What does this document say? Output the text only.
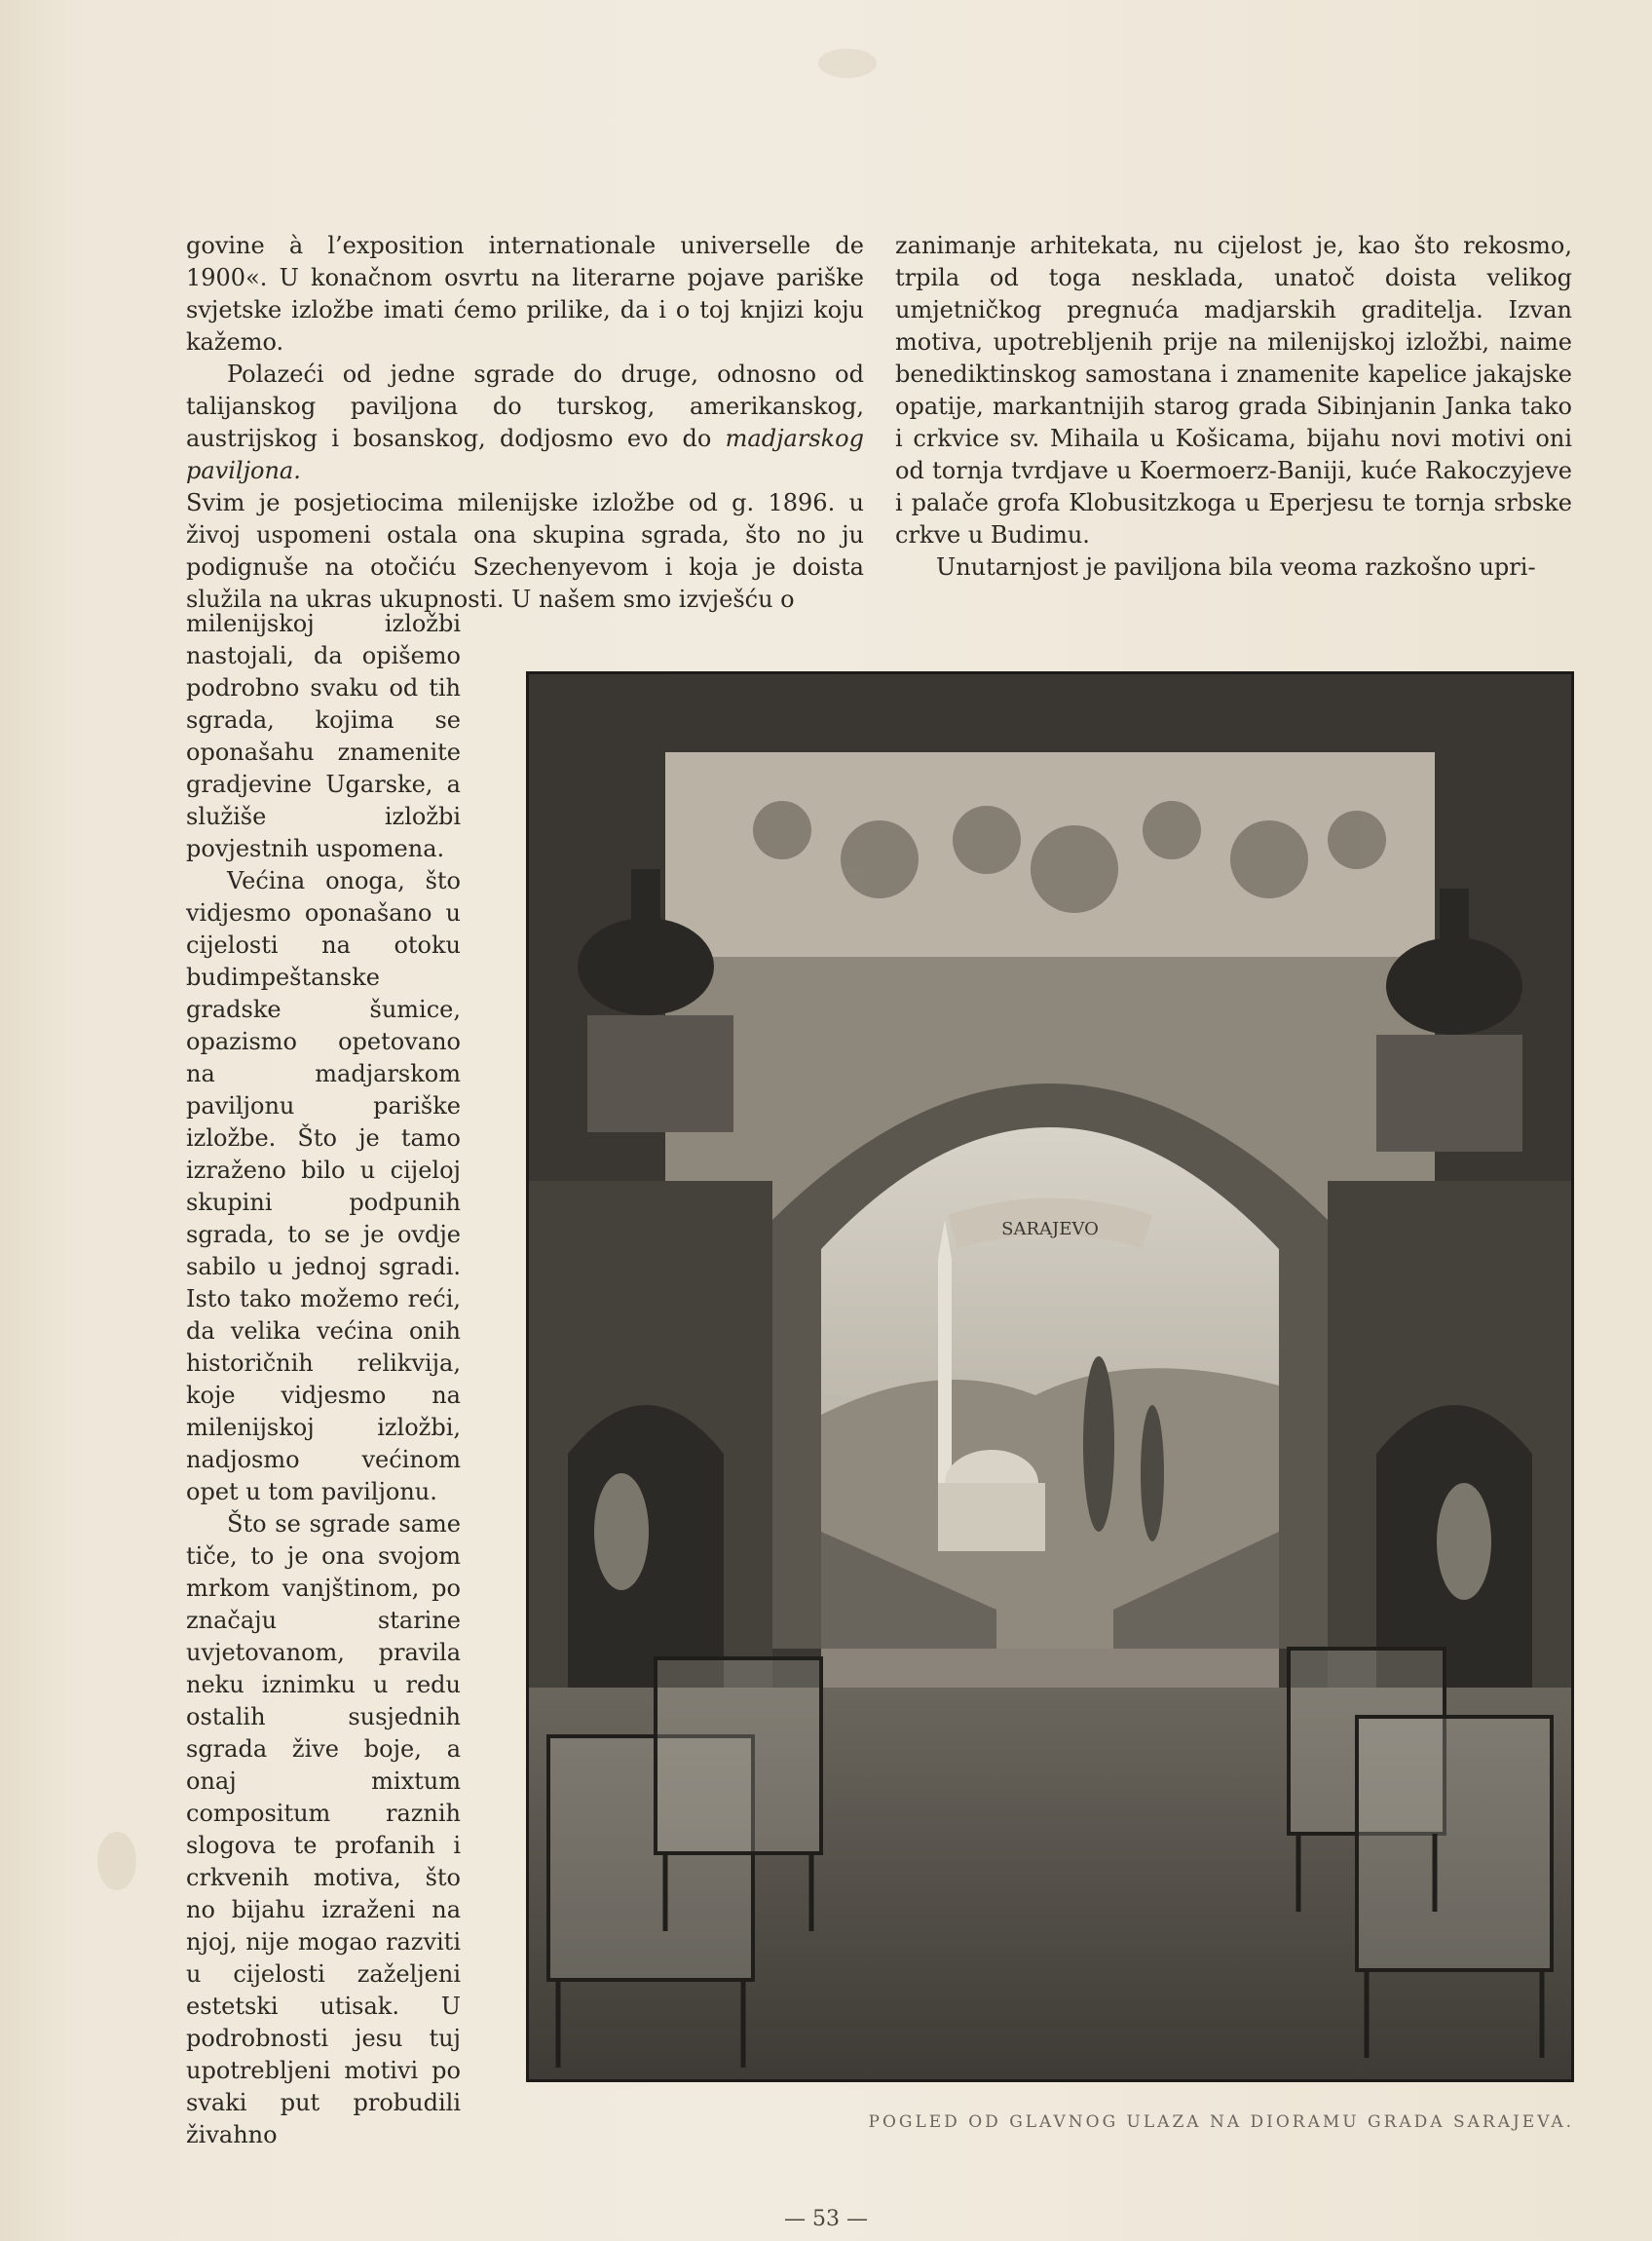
govine à l’exposition internationale universelle de 1900«. U konačnom osvrtu na literarne pojave pariške svjetske izložbe imati ćemo prilike, da i o toj knjizi koju kažemo.

Polazeći od jedne sgrade do druge, odnosno od talijanskog paviljona do turskog, amerikanskog, austrijskog i bosanskog, dodjosmo evo do madjarskog paviljona.

Svim je posjetiocima milenijske izložbe od g. 1896. u živoj uspomeni ostala ona skupina sgrada, što no ju podignuše na otočiću Szechenyevom i koja je doista služila na ukras ukupnosti. U našem smo izvješću o

zanimanje arhitekata, nu cijelost je, kao što rekosmo, trpila od toga nesklada, unatoč doista velikog umjetničkog pregnuća madjarskih graditelja. Izvan motiva, upotrebljenih prije na milenijskoj izložbi, naime benediktinskog samostana i znamenite kapelice jakajske opatije, markantnijih starog grada Sibinjanin Janka tako i crkvice sv. Mihaila u Košicama, bijahu novi motivi oni od tornja tvrdjave u Koermoerz-Baniji, kuće Rakoczyjeve i palače grofa Klobusitzkoga u Eperjesu te tornja srbske crkve u Budimu.

Unutarnjost je paviljona bila veoma razkošno upri-

milenijskoj izložbi nastojali, da opišemo podrobno svaku od tih sgrada, kojima se oponašahu znamenite gradjevine Ugarske, a služiše izložbi povjestnih uspomena.

Većina onoga, što vidjesmo oponašano u cijelosti na otoku budimpeštanske gradske šumice, opazismo opetovano na madjarskom paviljonu pariške izložbe. Što je tamo izraženo bilo u cijeloj skupini podpunih sgrada, to se je ovdje sabilo u jednoj sgradi. Isto tako možemo reći, da velika većina onih historičnih relikvija, koje vidjesmo na milenijskoj izložbi, nadjosmo većinom opet u tom paviljonu.

Što se sgrade same tiče, to je ona svojom mrkom vanjštinom, po značaju starine uvjetovanom, pravila neku iznimku u redu ostalih susjednih sgrada žive boje, a onaj mixtum compositum raznih slogova te profanih i crkvenih motiva, što no bijahu izraženi na njoj, nije mogao razviti u cijelosti zaželjeni estetski utisak. U podrobnosti jesu tuj upotrebljeni motivi po svaki put probudili živahno

SARAJEVO
POGLED OD GLAVNOG ULAZA NA DIORAMU GRADA SARAJEVA.
— 53 —
